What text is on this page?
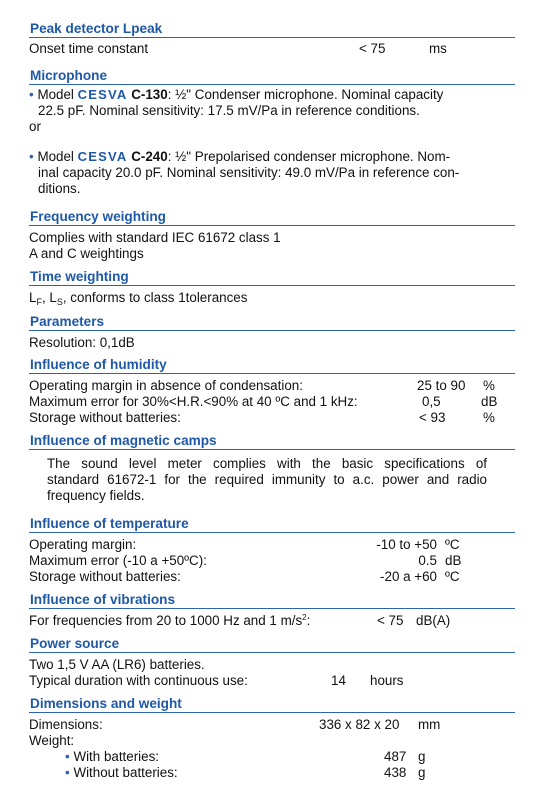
Peak detector Lpeak
Onset time constant	< 75	ms
Microphone
• Model CESVA C-130: ½" Condenser microphone. Nominal capacity
22.5 pF. Nominal sensitivity: 17.5 mV/Pa in reference conditions.
or
• Model CESVA C-240: ½" Prepolarised condenser microphone. Nom-
inal capacity 20.0 pF. Nominal sensitivity: 49.0 mV/Pa in reference con-
ditions.
Frequency weighting
Complies with standard IEC 61672 class 1
A and C weightings
Time weighting
$L_F$, $L_S$, conforms to class 1tolerances
Parameters
Resolution: 0,1dB
Influence of humidity
Operating margin in absence of condensation:	25 to 90 %
Maximum error for 30%<H.R.<90% at 40 ºC and 1 kHz:	0,5	dB
Storage without batteries:	< 93	%
Influence of magnetic camps
The sound level meter complies with the basic specifications of
standard 61672-1 for the required immunity to a.c. power and radio
frequency fields.
Influence of temperature
Operating margin:	-10 to +50 ºC
Maximum error (-10 a +50ºC):	0.5 dB
Storage without batteries:	-20 a +60 ºC
Influence of vibrations
For frequencies from 20 to 1000 Hz and 1 $m/s^2$:	< 75 dB(A)
Power source
Two 1,5 V AA (LR6) batteries.
Typical duration with continuous use:	14 hours
Dimensions and weight
Dimensions:	336 x 82 x 20 mm
Weight:
• With batteries:	487 g
• Without batteries:	438 g
